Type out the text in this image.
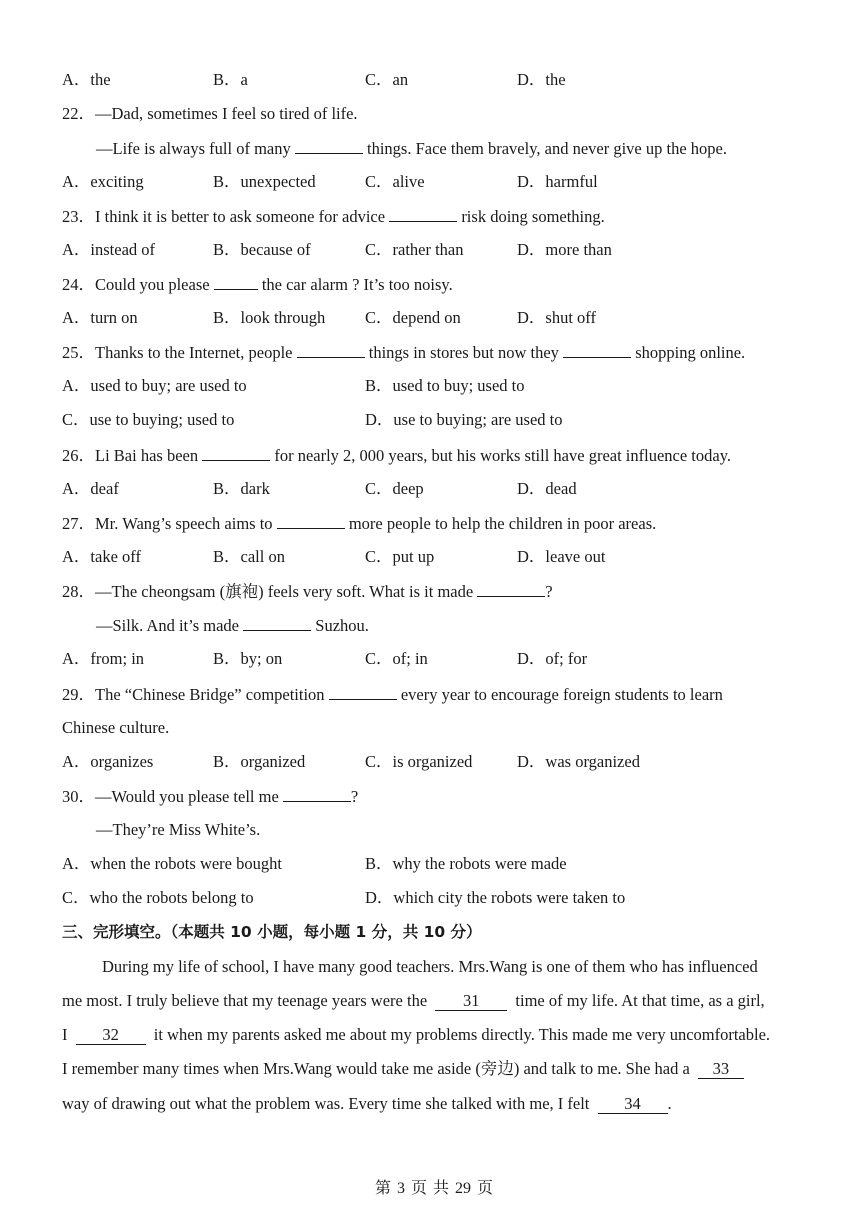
A．the	B．a	C．an	D．the
22．—Dad, sometimes I feel so tired of life.
—Life is always full of many	things. Face them bravely, and never give up the hope.
A．exciting	B．unexpected	C．alive	D．harmful
23．I think it is better to ask someone for advice	risk doing something.
A．instead of	B．because of	C．rather than	D．more than
24．Could you please	the car alarm ? It’s too noisy.
A．turn on	B．look through C．depend on	D．shut off
25．Thanks to the Internet, people	things in stores but now they	shopping online.
A．used to buy; are used to	B．used to buy; used to
C．use to buying; used to	D．use to buying; are used to
26．Li Bai has been	for nearly 2, 000 years, but his works still have great influence today.
A．deaf	B．dark	C．deep	D．dead
27．Mr. Wang’s speech aims to	more people to help the children in poor areas.
A．take off	B．call on	C．put up	D．leave out
28．—The cheongsam (旗袍) feels very soft. What is it made	?
—Silk. And it’s made	Suzhou.
A．from; in	B．by; on	C．of; in	D．of; for
29．The “Chinese Bridge” competition	every year to encourage foreign students to learn
Chinese culture.
A．organizes	B．organized	C．is organized	D．was organized
30．—Would you please tell me	?
—They’re Miss White’s.
A．when the robots were bought	B．why the robots were made
C．who the robots belong to	D．which city the robots were taken to
三、完形填空。（本题共 10 小题，每小题 1 分，共 10 分）
During my life of school, I have many good teachers. Mrs.Wang is one of them who has influenced
me most. I truly believe that my teenage years were the 31 time of my life. At that time, as a girl,
I 32 it when my parents asked me about my problems directly. This made me very uncomfortable.
I remember many times when Mrs.Wang would take me aside (旁边) and talk to me. She had a 33
way of drawing out what the problem was. Every time she talked with me, I felt 34 .
第 3 页 共 29 页
